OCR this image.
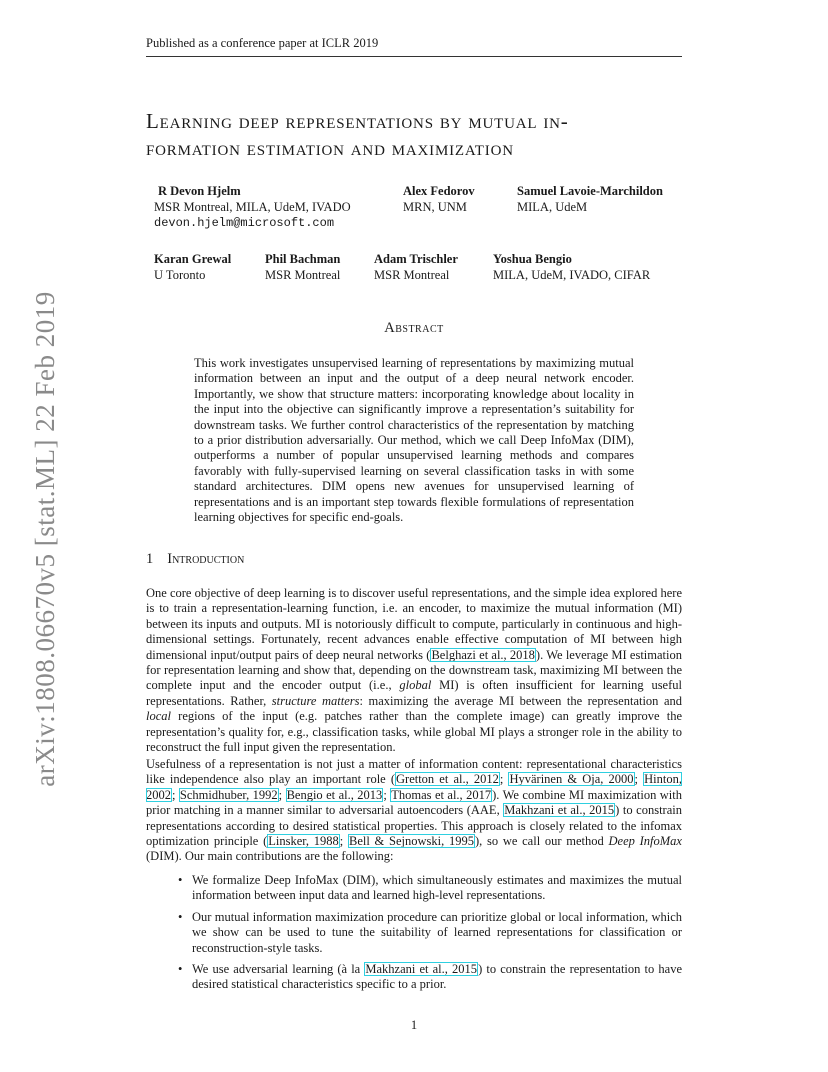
Published as a conference paper at ICLR 2019
arXiv:1808.06670v5 [stat.ML] 22 Feb 2019
Learning deep representations by mutual in-
formation estimation and maximization
R Devon Hjelm
MSR Montreal, MILA, UdeM, IVADO
devon.hjelm@microsoft.com
Alex Fedorov
MRN, UNM
Samuel Lavoie-Marchildon
MILA, UdeM
Karan Grewal
U Toronto
Phil Bachman
MSR Montreal
Adam Trischler
MSR Montreal
Yoshua Bengio
MILA, UdeM, IVADO, CIFAR
Abstract

This work investigates unsupervised learning of representations by maximizing mutual information between an input and the output of a deep neural network encoder. Importantly, we show that structure matters: incorporating knowledge about locality in the input into the objective can significantly improve a representation’s suitability for downstream tasks. We further control characteristics of the representation by matching to a prior distribution adversarially. Our method, which we call Deep InfoMax (DIM), outperforms a number of popular unsupervised learning methods and compares favorably with fully-supervised learning on several classification tasks in with some standard architectures. DIM opens new avenues for unsupervised learning of representations and is an important step towards flexible formulations of representation learning objectives for specific end-goals.

1 Introduction

One core objective of deep learning is to discover useful representations, and the simple idea explored here is to train a representation-learning function, i.e. an encoder, to maximize the mutual information (MI) between its inputs and outputs. MI is notoriously difficult to compute, particularly in continuous and high-dimensional settings. Fortunately, recent advances enable effective computation of MI between high dimensional input/output pairs of deep neural networks (Belghazi et al., 2018). We leverage MI estimation for representation learning and show that, depending on the downstream task, maximizing MI between the complete input and the encoder output (i.e., global MI) is often insufficient for learning useful representations. Rather, structure matters: maximizing the average MI between the representation and local regions of the input (e.g. patches rather than the complete image) can greatly improve the representation’s quality for, e.g., classification tasks, while global MI plays a stronger role in the ability to reconstruct the full input given the representation.

Usefulness of a representation is not just a matter of information content: representational characteristics like independence also play an important role (Gretton et al., 2012; Hyvärinen & Oja, 2000; Hinton, 2002; Schmidhuber, 1992; Bengio et al., 2013; Thomas et al., 2017). We combine MI maximization with prior matching in a manner similar to adversarial autoencoders (AAE, Makhzani et al., 2015) to constrain representations according to desired statistical properties. This approach is closely related to the infomax optimization principle (Linsker, 1988; Bell & Sejnowski, 1995), so we call our method Deep InfoMax (DIM). Our main contributions are the following:

• We formalize Deep InfoMax (DIM), which simultaneously estimates and maximizes the mutual information between input data and learned high-level representations.
• Our mutual information maximization procedure can prioritize global or local information, which we show can be used to tune the suitability of learned representations for classification or reconstruction-style tasks.
• We use adversarial learning (à la Makhzani et al., 2015) to constrain the representation to have desired statistical characteristics specific to a prior.
1
